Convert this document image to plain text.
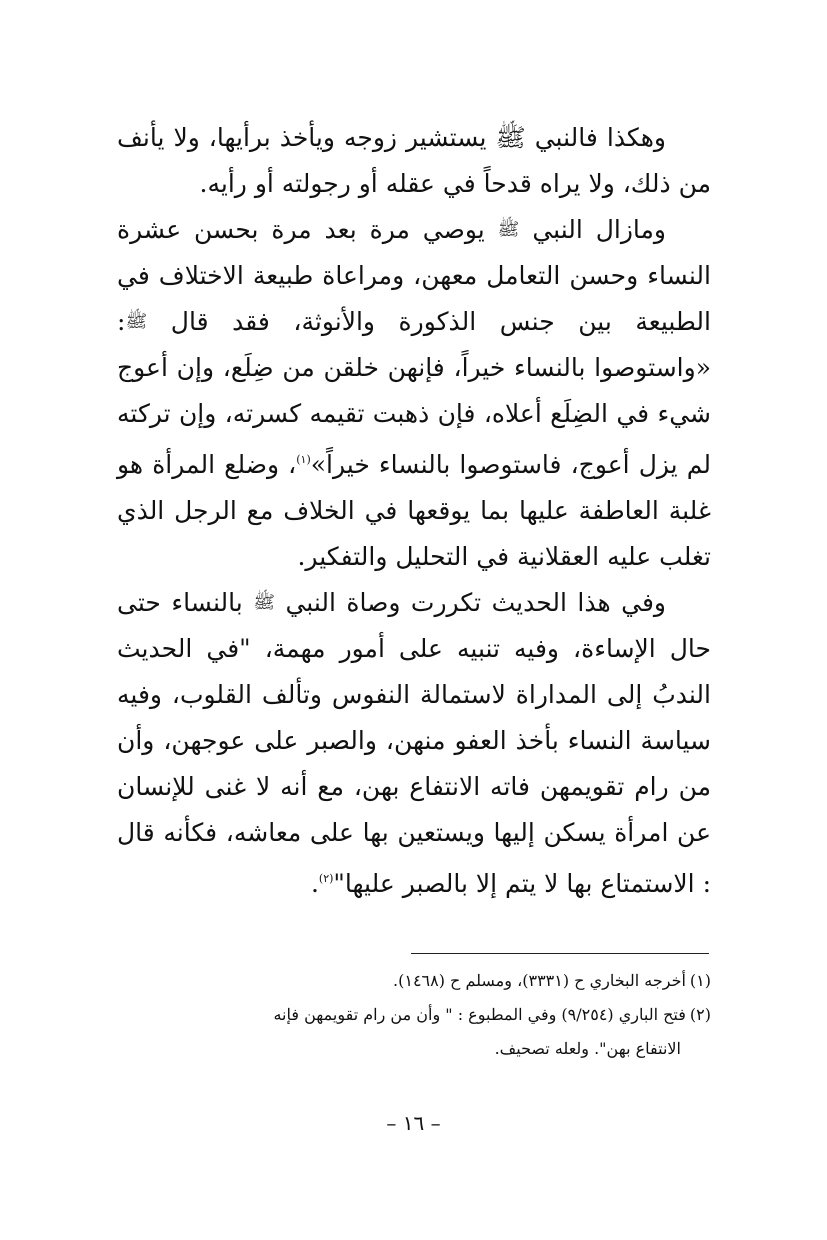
وهكذا فالنبي ﷺ يستشير زوجه ويأخذ برأيها، ولا يأنف من ذلك، ولا يراه قدحاً في عقله أو رجولته أو رأيه.

ومازال النبي ﷺ يوصي مرة بعد مرة بحسن عشرة النساء وحسن التعامل معهن، ومراعاة طبيعة الاختلاف في الطبيعة بين جنس الذكورة والأنوثة، فقد قال ﷺ: «واستوصوا بالنساء خيراً، فإنهن خلقن من ضِلَع، وإن أعوج شيء في الضِلَع أعلاه، فإن ذهبت تقيمه كسرته، وإن تركته لم يزل أعوج، فاستوصوا بالنساء خيراً»$^{(١)}$، وضلع المرأة هو غلبة العاطفة عليها بما يوقعها في الخلاف مع الرجل الذي تغلب عليه العقلانية في التحليل والتفكير.

وفي هذا الحديث تكررت وصاة النبي ﷺ بالنساء حتى حال الإساءة، وفيه تنبيه على أمور مهمة، "في الحديث الندبُ إلى المداراة لاستمالة النفوس وتألف القلوب، وفيه سياسة النساء بأخذ العفو منهن، والصبر على عوجهن، وأن من رام تقويمهن فاته الانتفاع بهن، مع أنه لا غنى للإنسان عن امرأة يسكن إليها ويستعين بها على معاشه، فكأنه قال : الاستمتاع بها لا يتم إلا بالصبر عليها"$^{(٢)}$.

(١)أخرجه البخاري ح (٣٣٣١)، ومسلم ح (١٤٦٨).

(٢)فتح الباري (٩/٢٥٤) وفي المطبوع : " وأن من رام تقويمهن فإنه

الانتفاع بهن". ولعله تصحيف.

– ١٦ –
